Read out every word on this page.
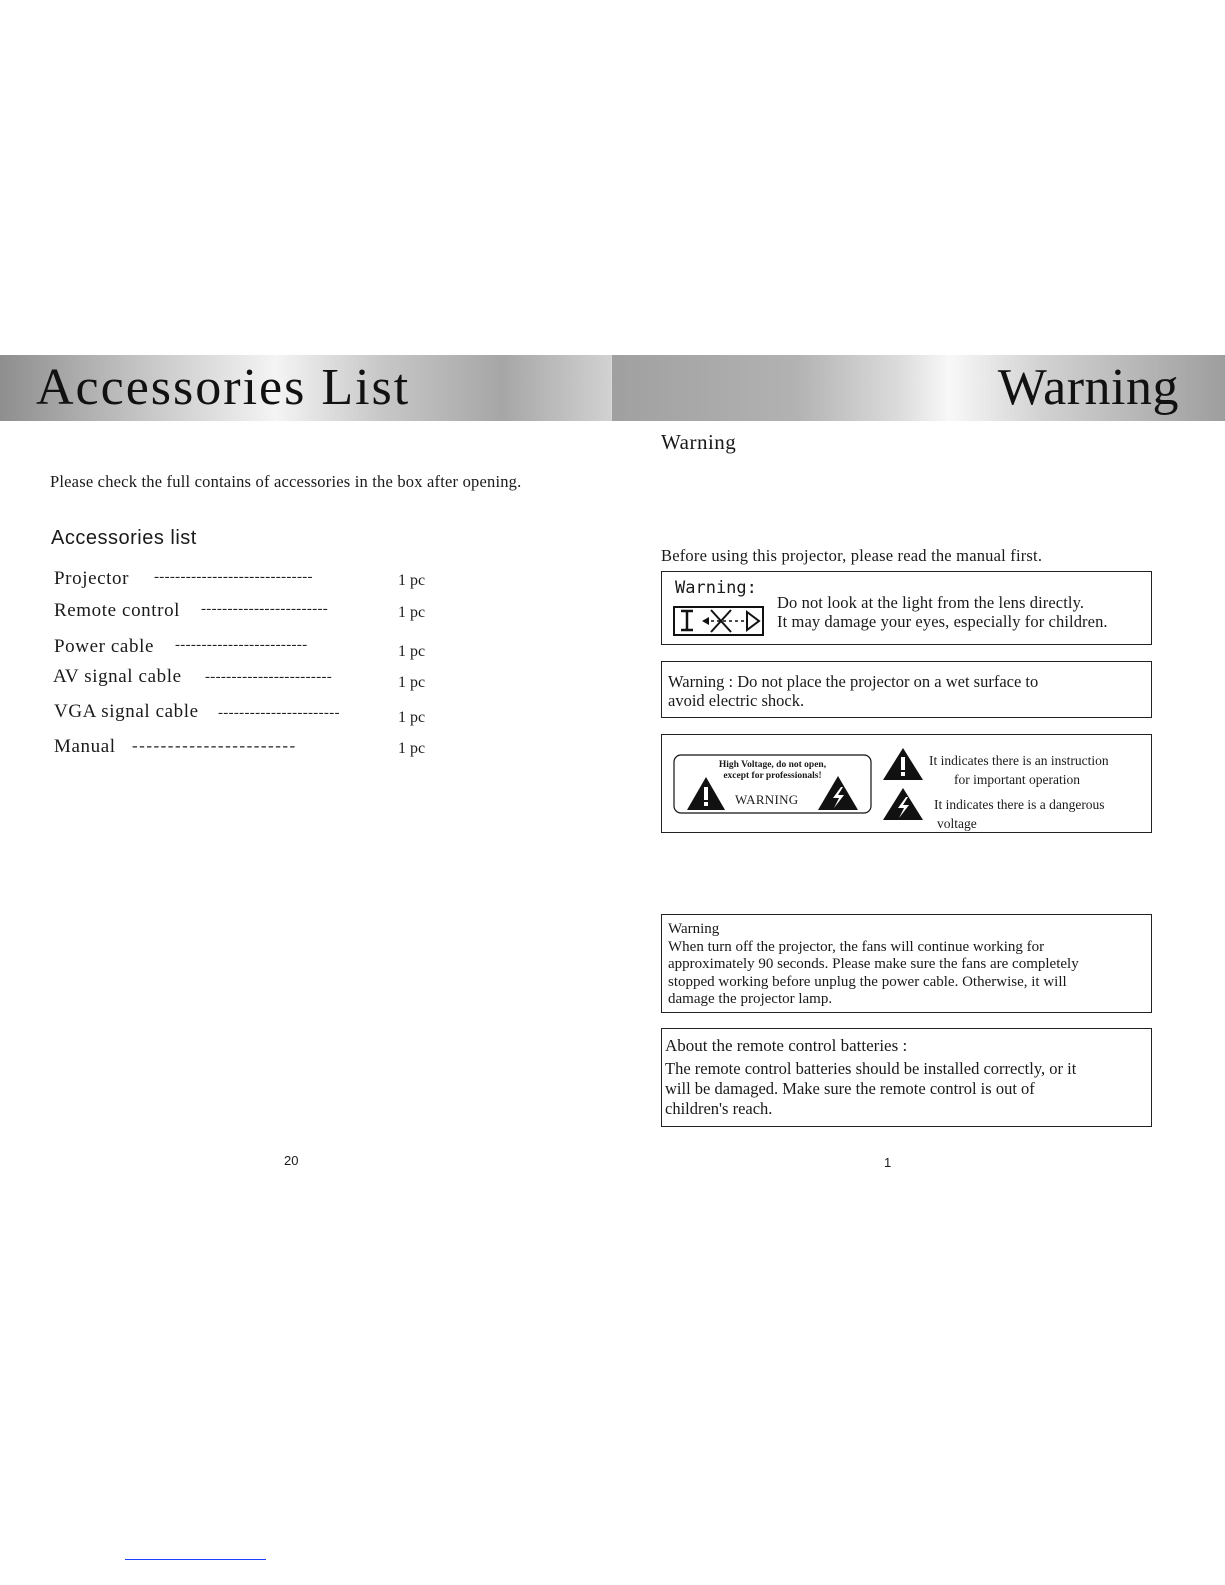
Accessories List
Please check the full contains of accessories in the box after opening.
Accessories list
Projector ------------------------------	1 pc
Remote control ------------------------	1 pc
Power cable -------------------------	1 pc
AV signal cable ------------------------	1 pc
VGA signal cable -----------------------	1 pc
Manual -----------------------	1 pc
20
Warning
Warning
Before using this projector, please read the manual first.
Warning:
Do not look at the light from the lens directly.
It may damage your eyes, especially for children.
Warning : Do not place the projector on a wet surface to
avoid electric shock.
High Voltage, do not open,
except for professionals!
WARNING
It indicates there is an instruction
for important operation
It indicates there is a dangerous
voltage
Warning
When turn off the projector, the fans will continue working for
approximately 90 seconds. Please make sure the fans are completely
stopped working before unplug the power cable. Otherwise, it will
damage the projector lamp.
About the remote control batteries :
The remote control batteries should be installed correctly, or it
will be damaged. Make sure the remote control is out of
children's reach.
1
